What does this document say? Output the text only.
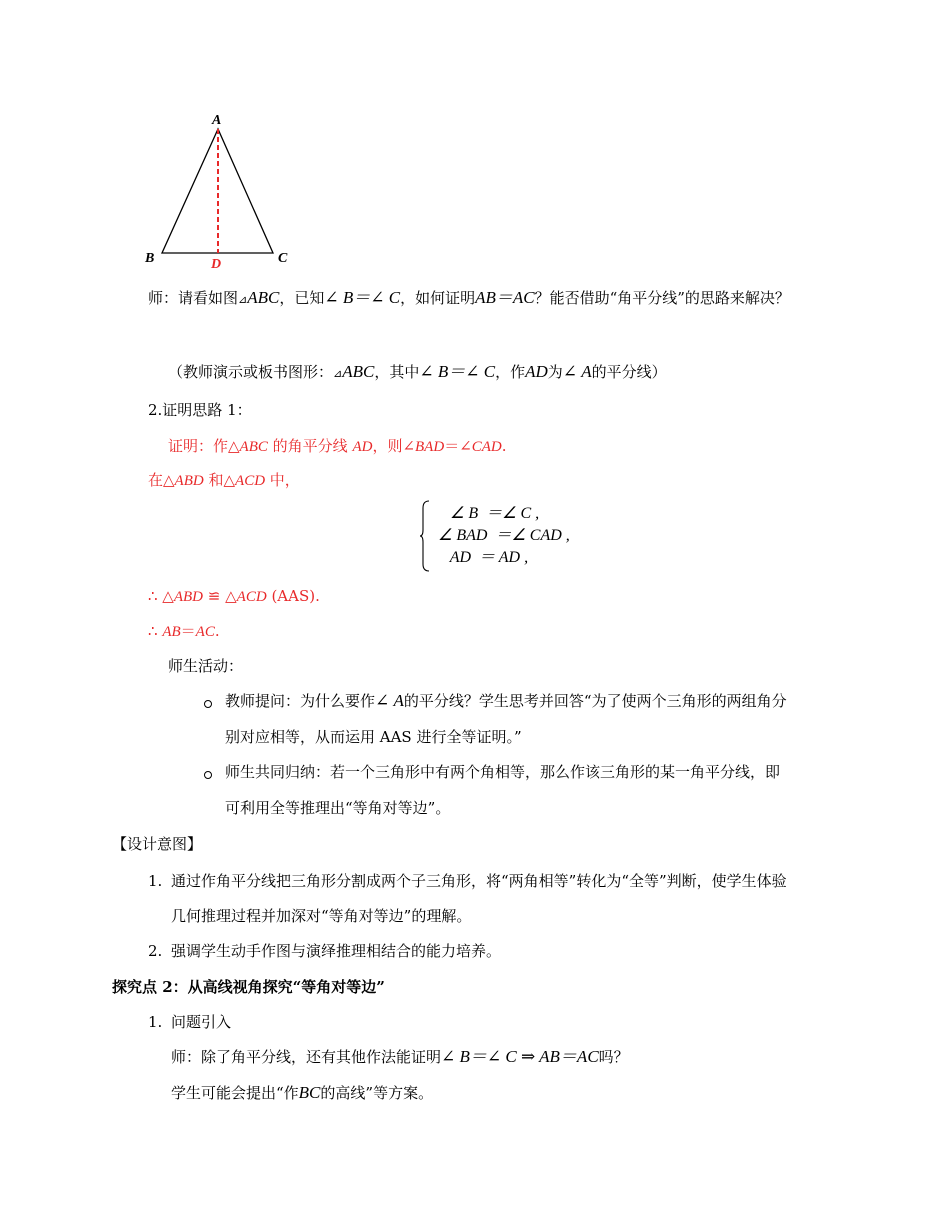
A
B	C
D
师：请看如图⊿ABC，已知∠ B＝∠ C，如何证明AB＝AC？能否借助“角平分线”的思路来解决？
（教师演示或板书图形：⊿ABC，其中∠ B＝∠ C，作AD为∠ A的平分线）
2.证明思路 1：
证明：作△ABC 的角平分线 AD，则∠BAD＝∠CAD.
在△ABD 和△ACD 中，
∠ B  ＝∠ C ,
∠ BAD  ＝∠ CAD ,
AD  ＝ AD ,
∴ △ABD ≌ △ACD (AAS).
∴ AB＝AC.
师生活动：
教师提问：为什么要作∠ A的平分线？学生思考并回答“为了使两个三角形的两组角分
别对应相等，从而运用 AAS 进行全等证明。”
师生共同归纳：若一个三角形中有两个角相等，那么作该三角形的某一角平分线，即
可利用全等推理出“等角对等边”。
【设计意图】
1. 通过作角平分线把三角形分割成两个子三角形，将“两角相等”转化为“全等”判断，使学生体验
几何推理过程并加深对“等角对等边”的理解。
2. 强调学生动手作图与演绎推理相结合的能力培养。
探究点 2：从高线视角探究“等角对等边”
1. 问题引入
师：除了角平分线，还有其他作法能证明∠ B＝∠ C ⇒ AB＝AC吗？
学生可能会提出“作BC的高线”等方案。
